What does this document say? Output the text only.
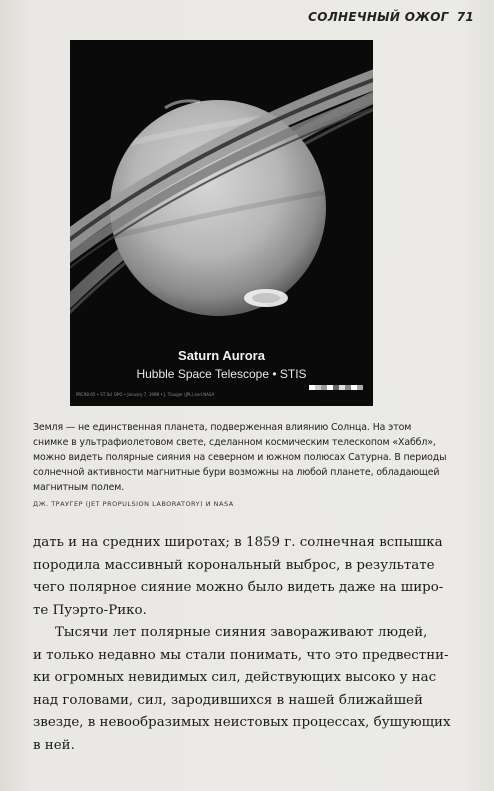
СОЛНЕЧНЫЙ ОЖОГ 71
Saturn Aurora
Hubble Space Telescope • STIS
PRC98-05 • ST ScI OPO • January 7, 1998 • J. Trauger (JPL) and NASA
Земля — не единственная планета, подверженная влиянию Солнца. На этом
снимке в ультрафиолетовом свете, сделанном космическим телескопом «Хаббл»,
можно видеть полярные сияния на северном и южном полюсах Сатурна. В периоды
солнечной активности магнитные бури возможны на любой планете, обладающей
магнитным полем.
ДЖ. ТРАУГЕР (JET PROPULSION LABORATORY) И NASA
дать и на средних широтах; в 1859 г. солнечная вспышка
породила массивный корональный выброс, в результате
чего полярное сияние можно было видеть даже на широ-
те Пуэрто-Рико.
Тысячи лет полярные сияния завораживают людей,
и только недавно мы стали понимать, что это предвестни-
ки огромных невидимых сил, действующих высоко у нас
над головами, сил, зародившихся в нашей ближайшей
звезде, в невообразимых неистовых процессах, бушующих
в ней.
